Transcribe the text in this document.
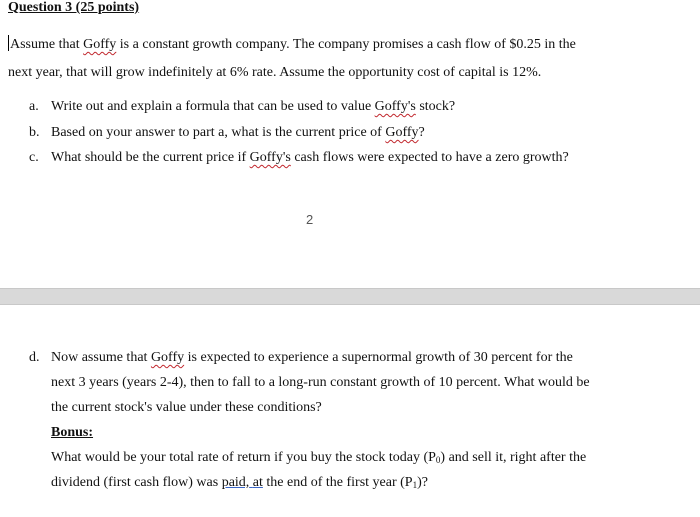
Question 3 (25 points)
Assume that Goffy is a constant growth company. The company promises a cash flow of $0.25 in the
next year, that will grow indefinitely at 6% rate. Assume the opportunity cost of capital is 12%.
a. Write out and explain a formula that can be used to value Goffy's stock?
b. Based on your answer to part a, what is the current price of Goffy?
c. What should be the current price if Goffy's cash flows were expected to have a zero growth?
2
d. Now assume that Goffy is expected to experience a supernormal growth of 30 percent for the
next 3 years (years 2-4), then to fall to a long-run constant growth of 10 percent. What would be
the current stock's value under these conditions?
Bonus:
What would be your total rate of return if you buy the stock today $(P_0)$ and sell it, right after the
dividend (first cash flow) was paid, at the end of the first year $(P_1)$?
